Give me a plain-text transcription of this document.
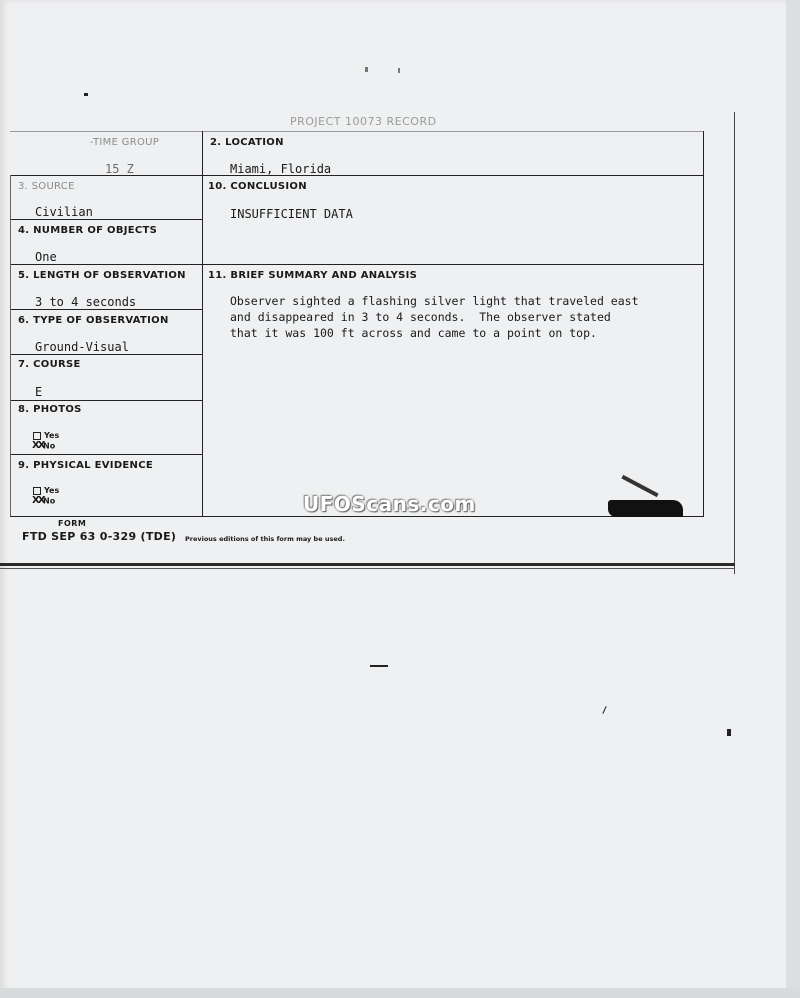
PROJECT 10073 RECORD
-TIME GROUP
15 Z
2. LOCATION
Miami, Florida
3. SOURCE
Civilian
10. CONCLUSION
INSUFFICIENT DATA
4. NUMBER OF OBJECTS
One
5. LENGTH OF OBSERVATION
3 to 4 seconds
11. BRIEF SUMMARY AND ANALYSIS
Observer sighted a flashing silver light that traveled east
and disappeared in 3 to 4 seconds.  The observer stated
that it was 100 ft across and came to a point on top.
6. TYPE OF OBSERVATION
Ground-Visual
7. COURSE
E
8. PHOTOS
Yes
XXNo
9. PHYSICAL EVIDENCE
Yes
XXNo	UFOScans.com
FORM
FTD SEP 63 0-329 (TDE) Previous editions of this form may be used.
